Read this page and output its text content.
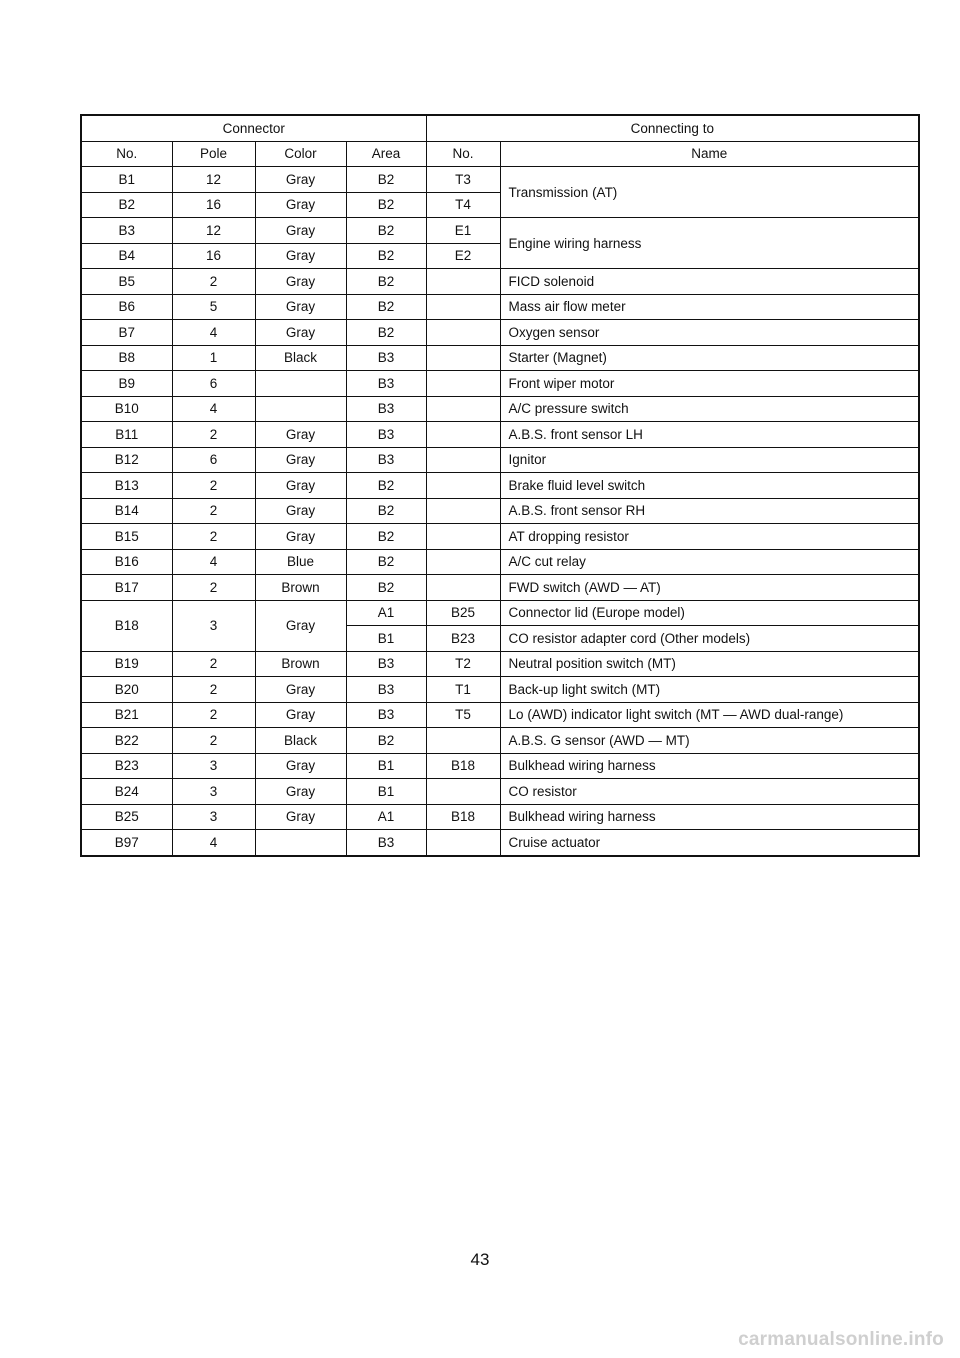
Connector				Connecting to	
No.	Pole	Color	Area	No.	Name
B1	12	Gray	B2	T3	Transmission (AT)
B2	16	Gray	B2	T4	
B3	12	Gray	B2	E1	Engine wiring harness
B4	16	Gray	B2	E2	
B5	2	Gray	B2		FICD solenoid
B6	5	Gray	B2		Mass air flow meter
B7	4	Gray	B2		Oxygen sensor
B8	1	Black	B3		Starter (Magnet)
B9	6		B3		Front wiper motor
B10	4		B3		A/C pressure switch
B11	2	Gray	B3		A.B.S. front sensor LH
B12	6	Gray	B3		Ignitor
B13	2	Gray	B2		Brake fluid level switch
B14	2	Gray	B2		A.B.S. front sensor RH
B15	2	Gray	B2		AT dropping resistor
B16	4	Blue	B2		A/C cut relay
B17	2	Brown	B2		FWD switch (AWD — AT)
B18	3	Gray	A1	B25	Connector lid (Europe model)
			B1	B23	CO resistor adapter cord (Other models)
B19	2	Brown	B3	T2	Neutral position switch (MT)
B20	2	Gray	B3	T1	Back-up light switch (MT)
B21	2	Gray	B3	T5	Lo (AWD) indicator light switch (MT — AWD dual-range)
B22	2	Black	B2		A.B.S. G sensor (AWD — MT)
B23	3	Gray	B1	B18	Bulkhead wiring harness
B24	3	Gray	B1		CO resistor
B25	3	Gray	A1	B18	Bulkhead wiring harness
B97	4		B3		Cruise actuator
43
carmanualsonline.info
